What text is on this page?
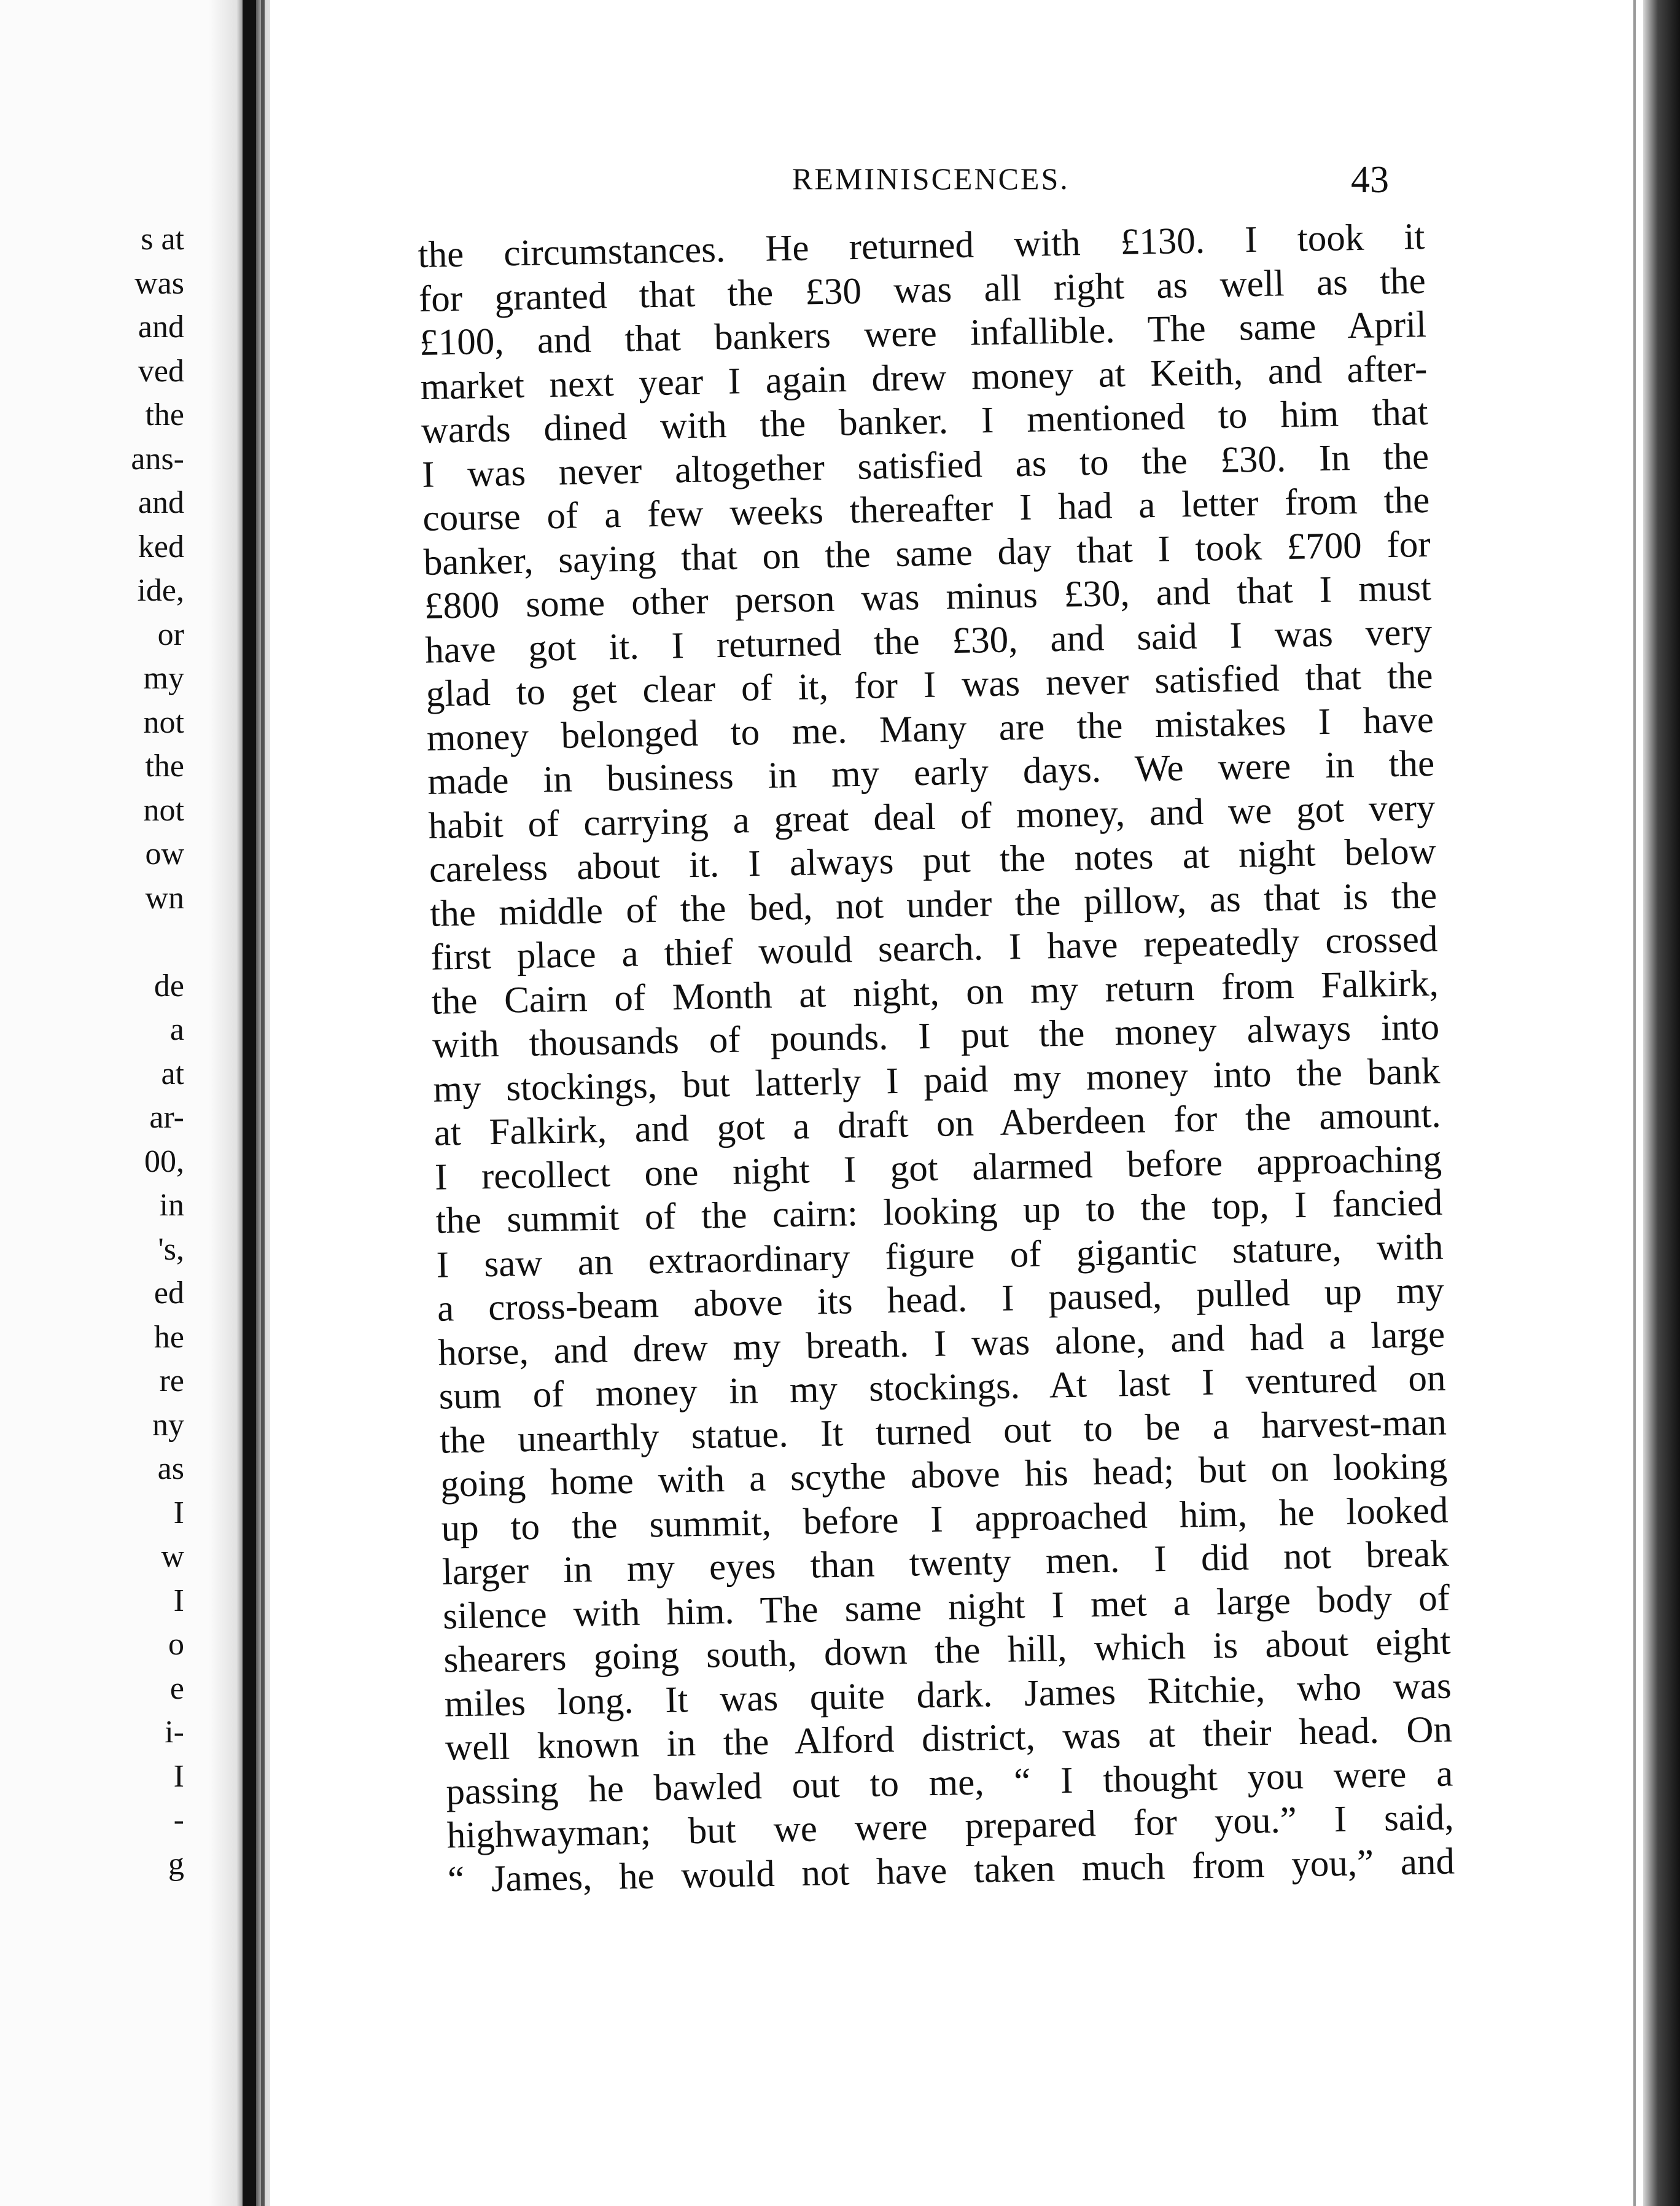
REMINISCENCES.	43
s at
was
and
ved
the
ans-
and
ked
ide,
or
my
not
the
not
ow
wn
de
a
at
ar-
00,
in
's,
ed
he
re
ny
as
I
w
I
o
e
i-
I
-
g
the circumstances. He returned with £130. I took it
for granted that the £30 was all right as well as the
£100, and that bankers were infallible. The same April
market next year I again drew money at Keith, and after-
wards dined with the banker. I mentioned to him that
I was never altogether satisfied as to the £30. In the
course of a few weeks thereafter I had a letter from the
banker, saying that on the same day that I took £700 for
£800 some other person was minus £30, and that I must
have got it. I returned the £30, and said I was very
glad to get clear of it, for I was never satisfied that the
money belonged to me. Many are the mistakes I have
made in business in my early days. We were in the
habit of carrying a great deal of money, and we got very
careless about it. I always put the notes at night below
the middle of the bed, not under the pillow, as that is the
first place a thief would search. I have repeatedly crossed
the Cairn of Month at night, on my return from Falkirk,
with thousands of pounds. I put the money always into
my stockings, but latterly I paid my money into the bank
at Falkirk, and got a draft on Aberdeen for the amount.
I recollect one night I got alarmed before approaching
the summit of the cairn: looking up to the top, I fancied
I saw an extraordinary figure of gigantic stature, with
a cross-beam above its head. I paused, pulled up my
horse, and drew my breath. I was alone, and had a large
sum of money in my stockings. At last I ventured on
the unearthly statue. It turned out to be a harvest-man
going home with a scythe above his head; but on looking
up to the summit, before I approached him, he looked
larger in my eyes than twenty men. I did not break
silence with him. The same night I met a large body of
shearers going south, down the hill, which is about eight
miles long. It was quite dark. James Ritchie, who was
well known in the Alford district, was at their head. On
passing he bawled out to me, “ I thought you were a
highwayman; but we were prepared for you.” I said,
“ James, he would not have taken much from you,” and
